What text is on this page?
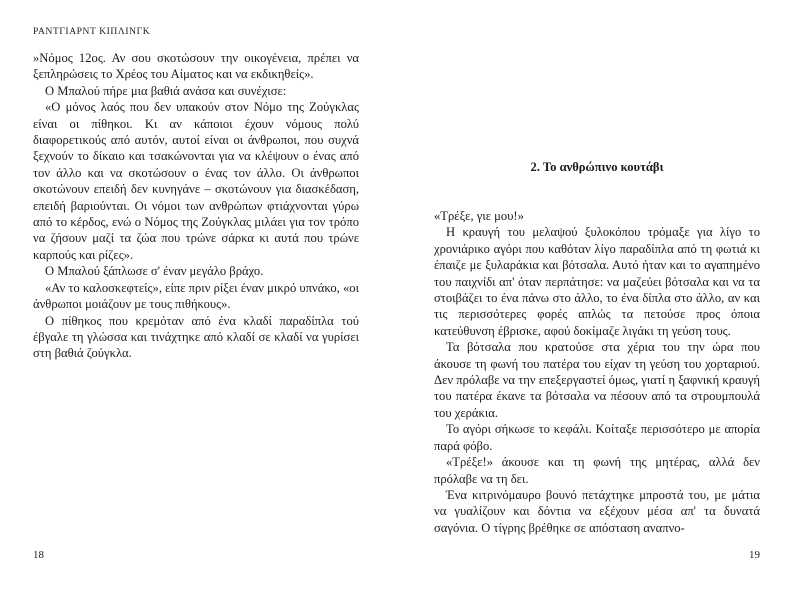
ΡΑΝΤΓΙΑΡΝΤ ΚΙΠΛΙΝΓΚ

»Νόμος 12ος. Αν σου σκοτώσουν την οικογένεια, πρέπει να ξεπληρώσεις το Χρέος του Αίματος και να εκδικηθείς».

Ο Μπαλού πήρε μια βαθιά ανάσα και συνέχισε:

«Ο μόνος λαός που δεν υπακούν στον Νόμο της Ζούγκλας είναι οι πίθηκοι. Κι αν κάποιοι έχουν νόμους πολύ διαφορετικούς από αυτόν, αυτοί είναι οι άνθρωποι, που συχνά ξεχνούν το δίκαιο και τσακώνονται για να κλέψουν ο ένας από τον άλλο και να σκοτώσουν ο ένας τον άλλο. Οι άνθρωποι σκοτώνουν επειδή δεν κυνηγάνε – σκοτώνουν για διασκέδαση, επειδή βαριούνται. Οι νόμοι των ανθρώπων φτιάχνονται γύρω από το κέρδος, ενώ ο Νόμος της Ζούγκλας μιλάει για τον τρόπο να ζήσουν μαζί τα ζώα που τρώνε σάρκα κι αυτά που τρώνε καρπούς και ρίζες».

Ο Μπαλού ξάπλωσε σ' έναν μεγάλο βράχο.

«Αν το καλοσκεφτείς», είπε πριν ρίξει έναν μικρό υπνάκο, «οι άνθρωποι μοιάζουν με τους πιθήκους».

Ο πίθηκος που κρεμόταν από ένα κλαδί παραδίπλα τού έβγαλε τη γλώσσα και τινάχτηκε από κλαδί σε κλαδί να γυρίσει στη βαθιά ζούγκλα.

18
2. Το ανθρώπινο κουτάβι

«Τρέξε, γιε μου!»

Η κραυγή του μελαψού ξυλοκόπου τρόμαξε για λίγο το χρονιάρικο αγόρι που καθόταν λίγο παραδίπλα από τη φωτιά κι έπαιζε με ξυλαράκια και βότσαλα. Αυτό ήταν και το αγαπημένο του παιχνίδι απ' όταν περπάτησε: να μαζεύει βότσαλα και να τα στοιβάζει το ένα πάνω στο άλλο, το ένα δίπλα στο άλλο, αν και τις περισσότερες φορές απλώς τα πετούσε προς όποια κατεύθυνση έβρισκε, αφού δοκίμαζε λιγάκι τη γεύση τους.

Τα βότσαλα που κρατούσε στα χέρια του την ώρα που άκουσε τη φωνή του πατέρα του είχαν τη γεύση του χορταριού. Δεν πρόλαβε να την επεξεργαστεί όμως, γιατί η ξαφνική κραυγή του πατέρα έκανε τα βότσαλα να πέσουν από τα στρουμπουλά του χεράκια.

Το αγόρι σήκωσε το κεφάλι. Κοίταξε περισσότερο με απορία παρά φόβο.

«Τρέξε!» άκουσε και τη φωνή της μητέρας, αλλά δεν πρόλαβε να τη δει.

Ένα κιτρινόμαυρο βουνό πετάχτηκε μπροστά του, με μάτια να γυαλίζουν και δόντια να εξέχουν μέσα απ' τα δυνατά σαγόνια. Ο τίγρης βρέθηκε σε απόσταση αναπνο-

19
